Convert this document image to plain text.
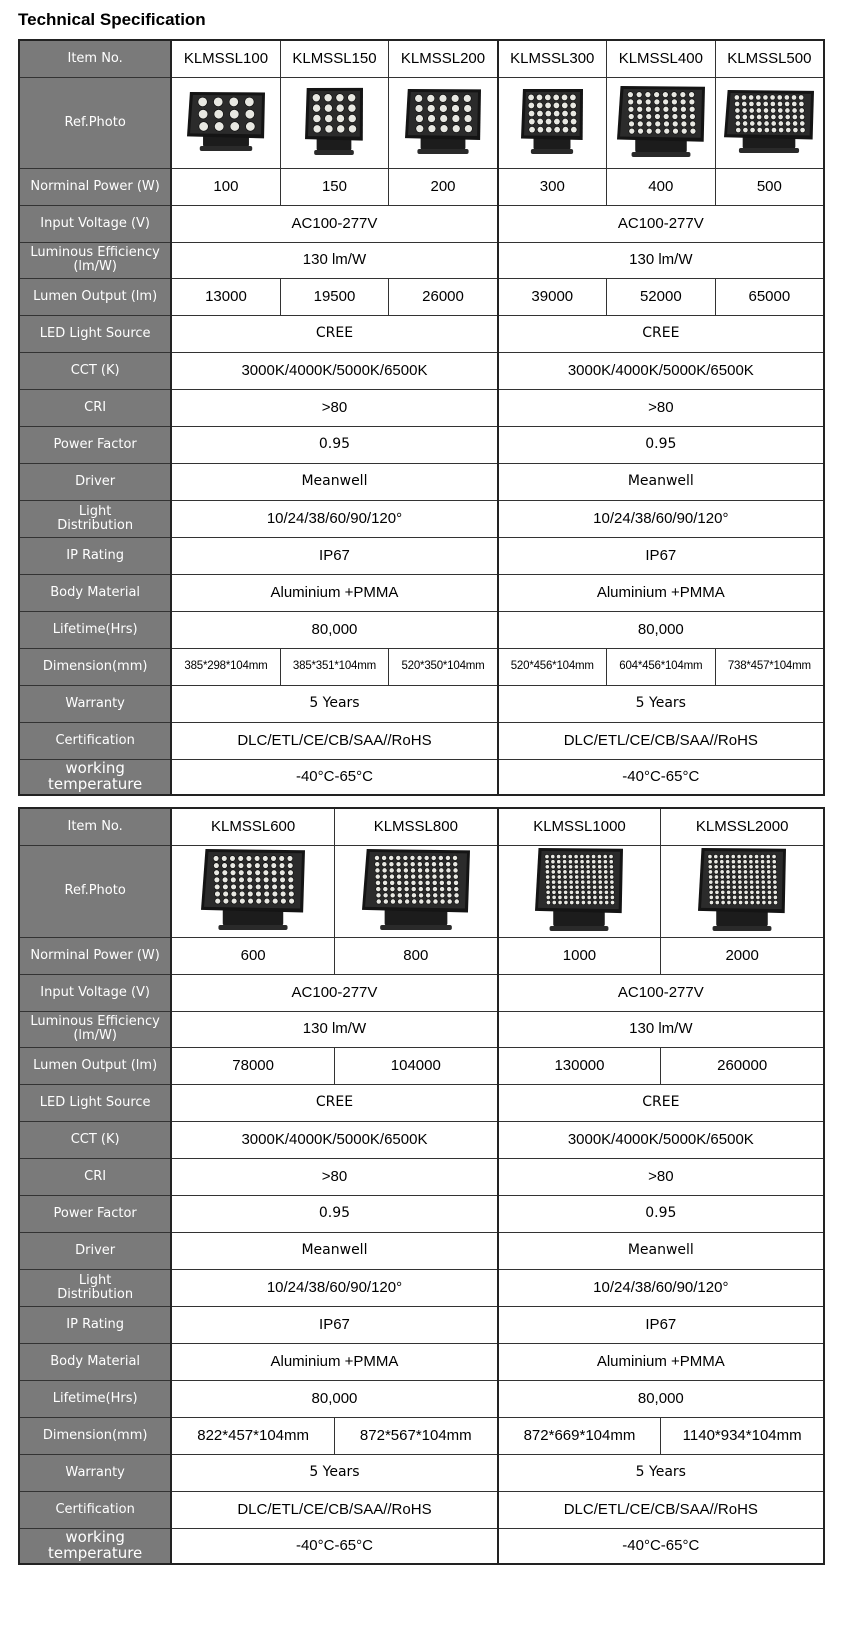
Technical Specification
Item No.	KLMSSL100	KLMSSL150	KLMSSL200	KLMSSL300	KLMSSL400	KLMSSL500
Ref.Photo	

Norminal Power (W)	100	150	200	300	400	500
Input Voltage (V)	AC100-277V			AC100-277V		
Luminous Efficiency
(lm/W)	130 lm/W			130 lm/W		
Lumen Output (lm)	13000	19500	26000	39000	52000	65000
LED Light Source	CREE			CREE		
CCT (K)	3000K/4000K/5000K/6500K			3000K/4000K/5000K/6500K		
CRI	>80			>80		
Power Factor	0.95			0.95		
Driver	Meanwell			Meanwell		
Light
Distribution	10/24/38/60/90/120°			10/24/38/60/90/120°		
IP Rating	IP67			IP67		
Body Material	Aluminium +PMMA			Aluminium +PMMA		
Lifetime(Hrs)	80,000			80,000		
Dimension(mm)	385*298*104mm	385*351*104mm	520*350*104mm	520*456*104mm	604*456*104mm	738*457*104mm
Warranty	5 Years			5 Years		
Certification	DLC/ETL/CE/CB/SAA//RoHS			DLC/ETL/CE/CB/SAA//RoHS		
working temperature	-40°C-65°C			-40°C-65°C		
Item No.	KLMSSL600	KLMSSL800	KLMSSL1000	KLMSSL2000
Ref.Photo	

Norminal Power (W)	600	800	1000	2000
Input Voltage (V)	AC100-277V		AC100-277V	
Luminous Efficiency
(lm/W)	130 lm/W		130 lm/W	
Lumen Output (lm)	78000	104000	130000	260000
LED Light Source	CREE		CREE	
CCT (K)	3000K/4000K/5000K/6500K		3000K/4000K/5000K/6500K	
CRI	>80		>80	
Power Factor	0.95		0.95	
Driver	Meanwell		Meanwell	
Light
Distribution	10/24/38/60/90/120°		10/24/38/60/90/120°	
IP Rating	IP67		IP67	
Body Material	Aluminium +PMMA		Aluminium +PMMA	
Lifetime(Hrs)	80,000		80,000	
Dimension(mm)	822*457*104mm	872*567*104mm	872*669*104mm	1140*934*104mm
Warranty	5 Years		5 Years	
Certification	DLC/ETL/CE/CB/SAA//RoHS		DLC/ETL/CE/CB/SAA//RoHS	
working temperature	-40°C-65°C		-40°C-65°C	
